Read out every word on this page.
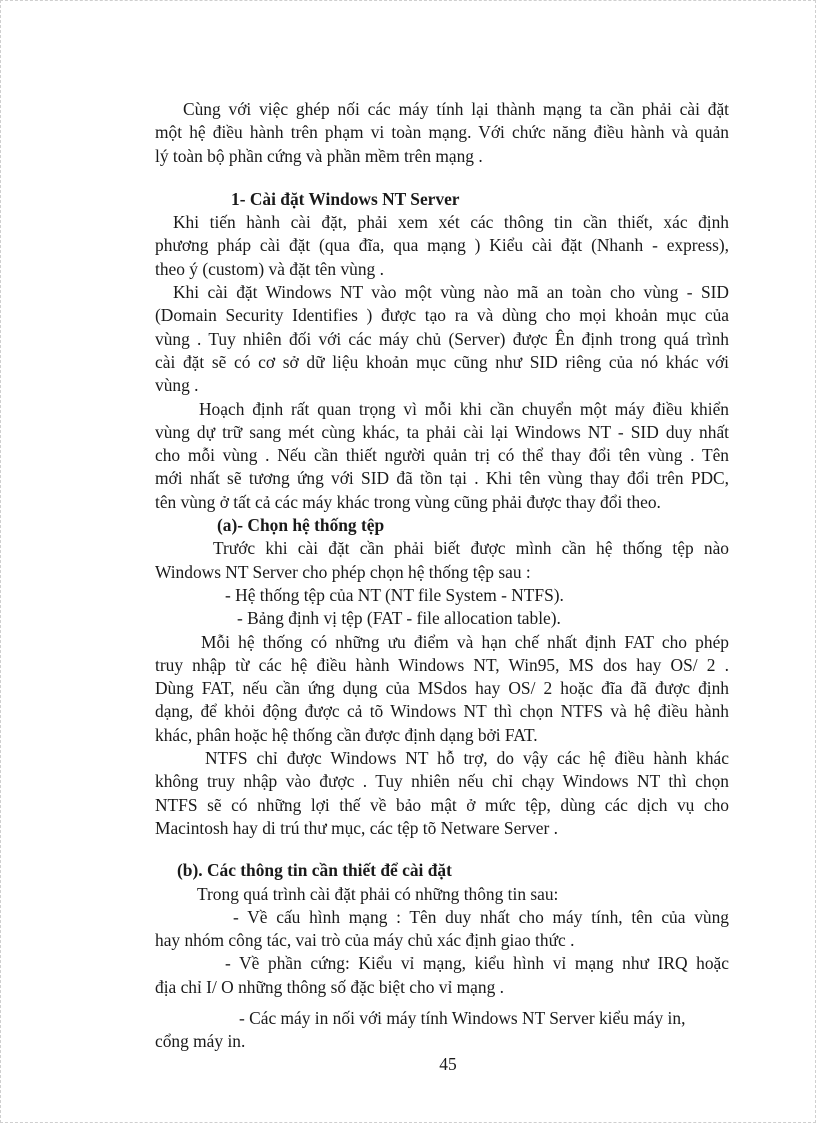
Cùng với việc ghép nối các máy tính lại thành mạng ta cần phải cài đặt
một hệ điều hành trên phạm vi toàn mạng. Với chức năng điều hành và quản
lý toàn bộ phần cứng và phần mềm trên mạng .

1- Cài đặt Windows NT Server

Khi tiến hành cài đặt, phải xem xét các thông tin cần thiết, xác định
phương pháp cài đặt (qua đĩa, qua mạng ) Kiểu cài đặt (Nhanh - express),
theo ý (custom) và đặt tên vùng .

Khi cài đặt Windows NT vào một vùng nào mã an toàn cho vùng - SID
(Domain Security Identifies ) được tạo ra và dùng cho mọi khoản mục của
vùng . Tuy nhiên đối với các máy chủ (Server) được Ên định trong quá trình
cài đặt sẽ có cơ sở dữ liệu khoản mục cũng như SID riêng của nó khác với
vùng .

Hoạch định rất quan trọng vì mỗi khi cần chuyển một máy điều khiển
vùng dự trữ sang mét cùng khác, ta phải cài lại Windows NT - SID duy nhất
cho mỗi vùng . Nếu cần thiết người quản trị có thể thay đổi tên vùng . Tên
mới nhất sẽ tương ứng với SID đã tồn tại . Khi tên vùng thay đổi trên PDC,
tên vùng ở tất cả các máy khác trong vùng cũng phải được thay đổi theo.

(a)- Chọn hệ thống tệp

Trước khi cài đặt cần phải biết được mình cần hệ thống tệp nào
Windows NT Server cho phép chọn hệ thống tệp sau :

- Hệ thống tệp của NT (NT file System - NTFS).
- Bảng định vị tệp (FAT - file allocation table).

Mỗi hệ thống có những ưu điểm và hạn chế nhất định FAT cho phép
truy nhập từ các hệ điều hành Windows NT, Win95, MS dos hay OS/ 2 .
Dùng FAT, nếu cần ứng dụng của MSdos hay OS/ 2 hoặc đĩa đã được định
dạng, để khỏi động được cả tõ Windows NT thì chọn NTFS và hệ điều hành
khác, phân hoặc hệ thống cần được định dạng bởi FAT.

NTFS chỉ được Windows NT hỗ trợ, do vậy các hệ điều hành khác
không truy nhập vào được . Tuy nhiên nếu chỉ chạy Windows NT thì chọn
NTFS sẽ có những lợi thế về bảo mật ở mức tệp, dùng các dịch vụ cho
Macintosh hay di trú thư mục, các tệp tõ Netware Server .

(b). Các thông tin cần thiết để cài đặt

Trong quá trình cài đặt phải có những thông tin sau:

- Về cấu hình mạng : Tên duy nhất cho máy tính, tên của vùng
hay nhóm công tác, vai trò của máy chủ xác định giao thức .

- Về phần cứng: Kiểu vỉ mạng, kiểu hình vỉ mạng như IRQ hoặc
địa chỉ I/ O những thông số đặc biệt cho vỉ mạng .

- Các máy in nối với máy tính Windows NT Server kiểu máy in,
cổng máy in.

45
